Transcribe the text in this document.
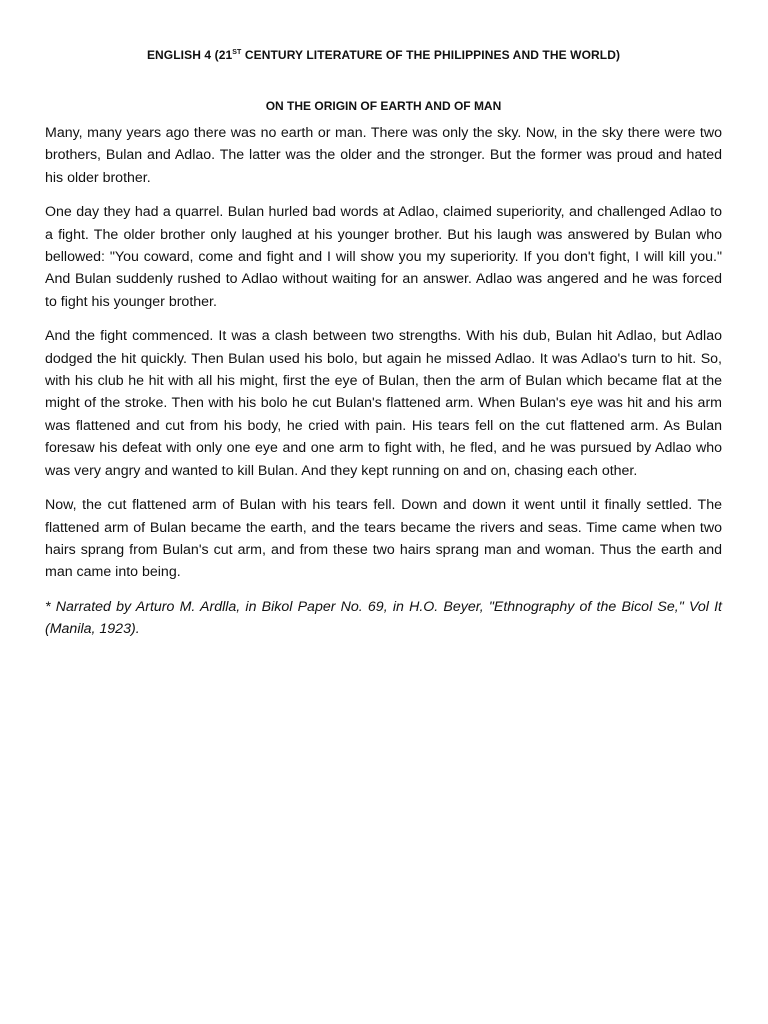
ENGLISH 4 (21ST CENTURY LITERATURE OF THE PHILIPPINES AND THE WORLD)

ON THE ORIGIN OF EARTH AND OF MAN

Many, many years ago there was no earth or man. There was only the sky. Now, in the sky there were two brothers, Bulan and Adlao. The latter was the older and the stronger. But the former was proud and hated his older brother.

One day they had a quarrel. Bulan hurled bad words at Adlao, claimed superiority, and challenged Adlao to a fight. The older brother only laughed at his younger brother. But his laugh was answered by Bulan who bellowed: "You coward, come and fight and I will show you my superiority. If you don't fight, I will kill you." And Bulan suddenly rushed to Adlao without waiting for an answer. Adlao was angered and he was forced to fight his younger brother.

And the fight commenced. It was a clash between two strengths. With his dub, Bulan hit Adlao, but Adlao dodged the hit quickly. Then Bulan used his bolo, but again he missed Adlao. It was Adlao's turn to hit. So, with his club he hit with all his might, first the eye of Bulan, then the arm of Bulan which became flat at the might of the stroke. Then with his bolo he cut Bulan's flattened arm. When Bulan's eye was hit and his arm was flattened and cut from his body, he cried with pain. His tears fell on the cut flattened arm. As Bulan foresaw his defeat with only one eye and one arm to fight with, he fled, and he was pursued by Adlao who was very angry and wanted to kill Bulan. And they kept running on and on, chasing each other.

Now, the cut flattened arm of Bulan with his tears fell. Down and down it went until it finally settled. The flattened arm of Bulan became the earth, and the tears became the rivers and seas. Time came when two hairs sprang from Bulan's cut arm, and from these two hairs sprang man and woman. Thus the earth and man came into being.

* Narrated by Arturo M. Ardlla, in Bikol Paper No. 69, in H.O. Beyer, "Ethnography of the Bicol Se," Vol It (Manila, 1923).
